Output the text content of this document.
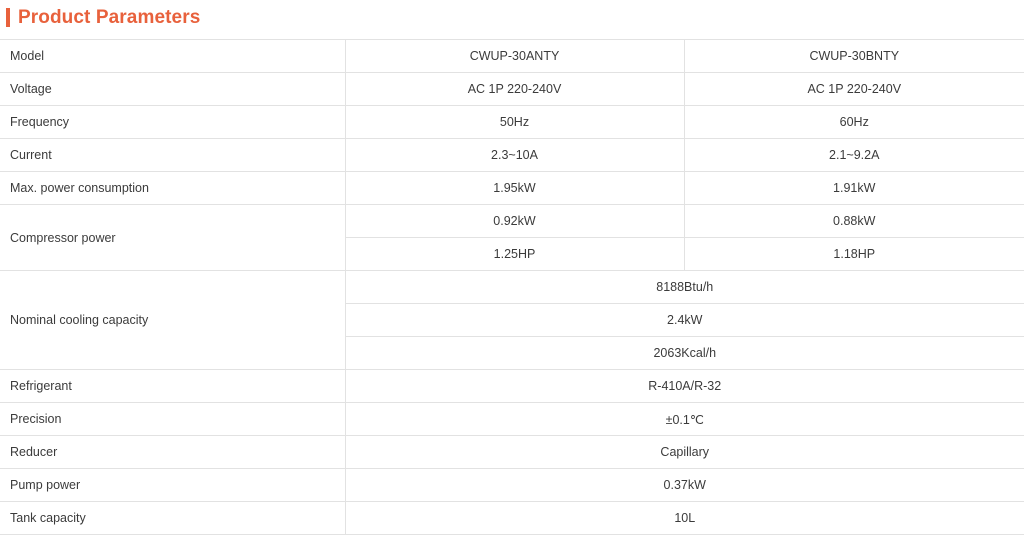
Product Parameters
Model	CWUP-30ANTY	CWUP-30BNTY
Voltage	AC 1P 220-240V	AC 1P 220-240V
Frequency	50Hz	60Hz
Current	2.3~10A	2.1~9.2A
Max. power consumption	1.95kW	1.91kW
Compressor power	0.92kW	0.88kW
	1.25HP	1.18HP
Nominal cooling capacity	8188Btu/h	
	2.4kW	
	2063Kcal/h	
Refrigerant	R-410A/R-32	
Precision	±0.1℃	
Reducer	Capillary	
Pump power	0.37kW	
Tank capacity	10L	
